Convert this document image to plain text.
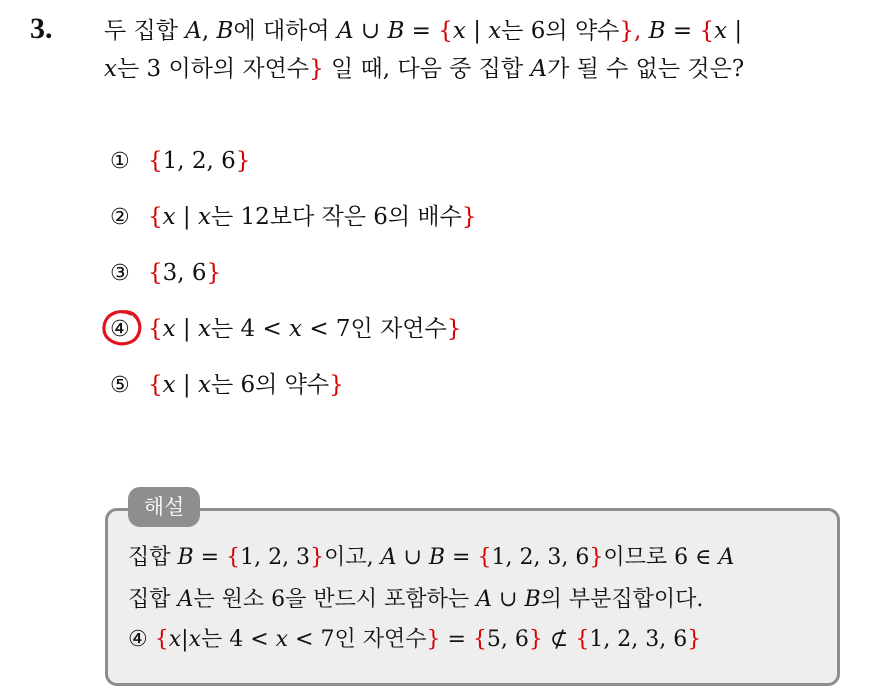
3. 두 집합 A, B에 대하여 A ∪ B = {x | x는 6의 약수}, B = {x |
x는 3 이하의 자연수} 일 때, 다음 중 집합 A가 될 수 없는 것은?
① {1, 2, 6}
② {x | x는 12보다 작은 6의 배수}
③ {3, 6}
④ {x | x는 4 < x < 7인 자연수}
⑤ {x | x는 6의 약수}
해설
집합 B = {1, 2, 3}이고, A ∪ B = {1, 2, 3, 6}이므로 6 ∈ A
집합 A는 원소 6을 반드시 포함하는 A ∪ B의 부분집합이다.
④ {x|x는 4 < x < 7인 자연수} = {5, 6} ⊄ {1, 2, 3, 6}
